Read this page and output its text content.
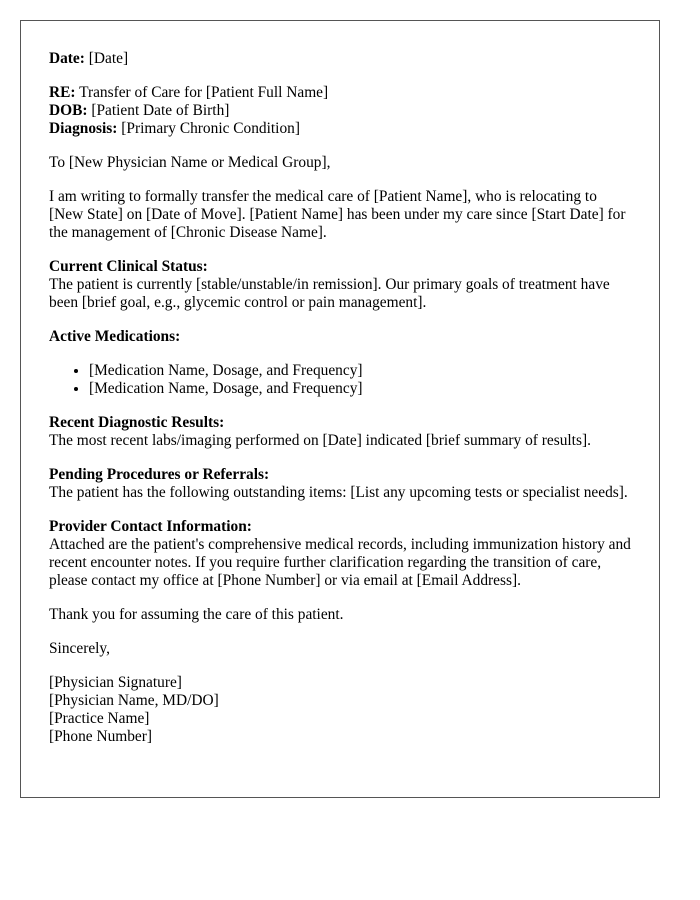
Date: [Date]

RE: Transfer of Care for [Patient Full Name]
DOB: [Patient Date of Birth]
Diagnosis: [Primary Chronic Condition]

To [New Physician Name or Medical Group],

I am writing to formally transfer the medical care of [Patient Name], who is relocating to [New State] on [Date of Move]. [Patient Name] has been under my care since [Start Date] for the management of [Chronic Disease Name].

Current Clinical Status:
The patient is currently [stable/unstable/in remission]. Our primary goals of treatment have been [brief goal, e.g., glycemic control or pain management].

Active Medications:

• [Medication Name, Dosage, and Frequency]
• [Medication Name, Dosage, and Frequency]
Recent Diagnostic Results:
The most recent labs/imaging performed on [Date] indicated [brief summary of results].
Pending Procedures or Referrals:
The patient has the following outstanding items: [List any upcoming tests or specialist needs].
Provider Contact Information:
Attached are the patient's comprehensive medical records, including immunization history and recent encounter notes. If you require further clarification regarding the transition of care, please contact my office at [Phone Number] or via email at [Email Address].

Thank you for assuming the care of this patient.

Sincerely,

[Physician Signature]
[Physician Name, MD/DO]
[Practice Name]
[Phone Number]
